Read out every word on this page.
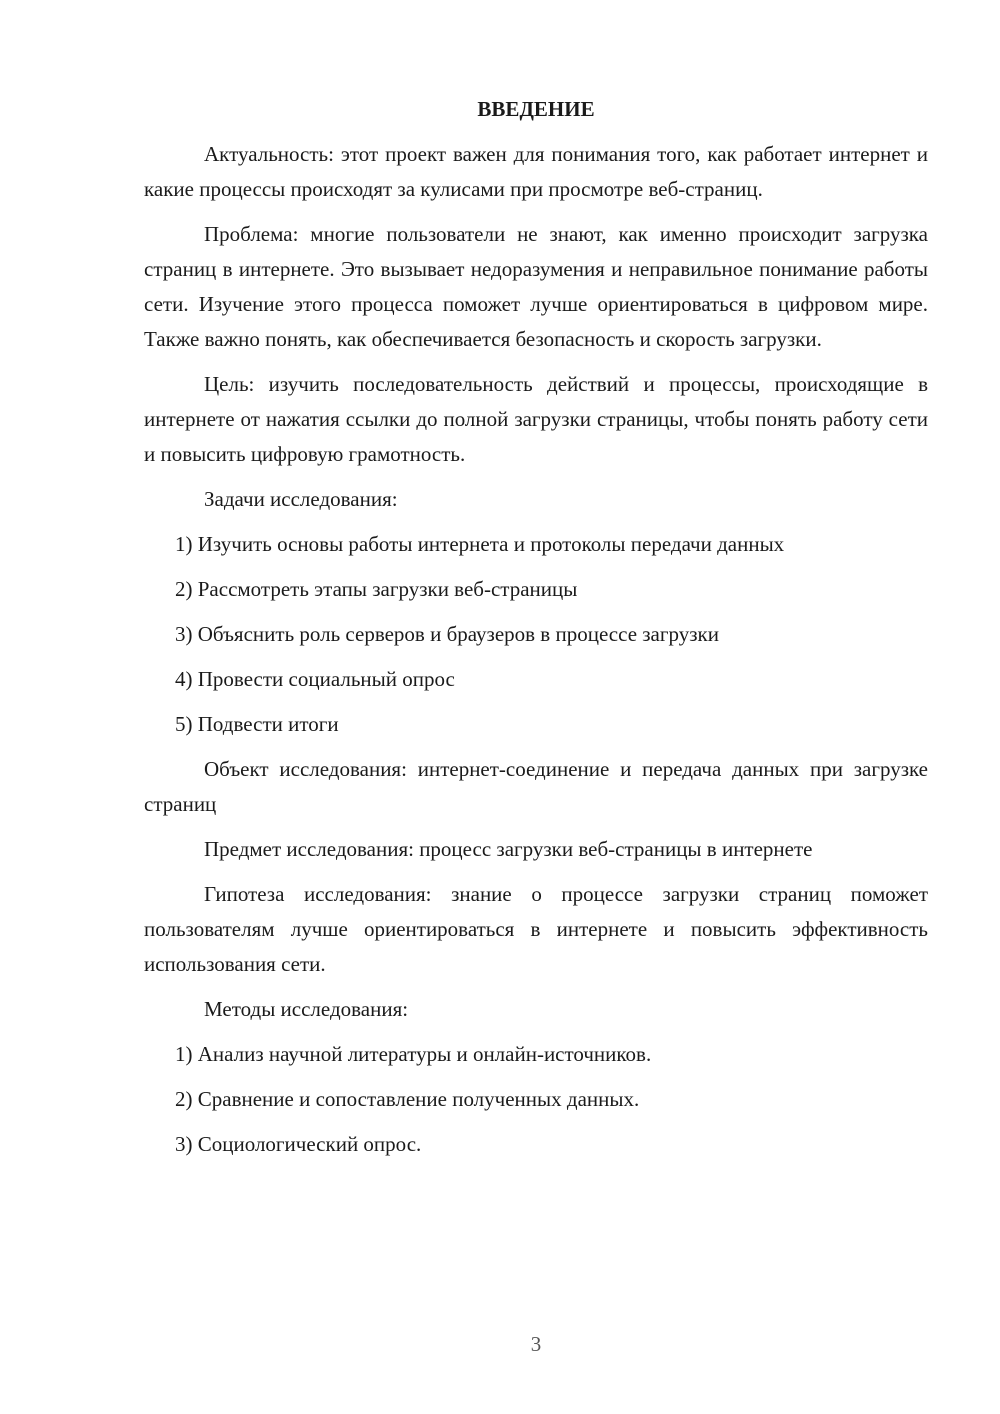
ВВЕДЕНИЕ

Актуальность: этот проект важен для понимания того, как работает интернет и какие процессы происходят за кулисами при просмотре веб-страниц.

Проблема: многие пользователи не знают, как именно происходит загрузка страниц в интернете. Это вызывает недоразумения и неправильное понимание работы сети. Изучение этого процесса поможет лучше ориентироваться в цифровом мире. Также важно понять, как обеспечивается безопасность и скорость загрузки.

Цель: изучить последовательность действий и процессы, происходящие в интернете от нажатия ссылки до полной загрузки страницы, чтобы понять работу сети и повысить цифровую грамотность.

Задачи исследования:

1) Изучить основы работы интернета и протоколы передачи данных
2) Рассмотреть этапы загрузки веб-страницы
3) Объяснить роль серверов и браузеров в процессе загрузки
4) Провести социальный опрос
5) Подвести итоги

Объект исследования: интернет-соединение и передача данных при загрузке страниц

Предмет исследования: процесс загрузки веб-страницы в интернете

Гипотеза исследования: знание о процессе загрузки страниц поможет пользователям лучше ориентироваться в интернете и повысить эффективность использования сети.

Методы исследования:

1) Анализ научной литературы и онлайн-источников.
2) Сравнение и сопоставление полученных данных.
3) Социологический опрос.
3
